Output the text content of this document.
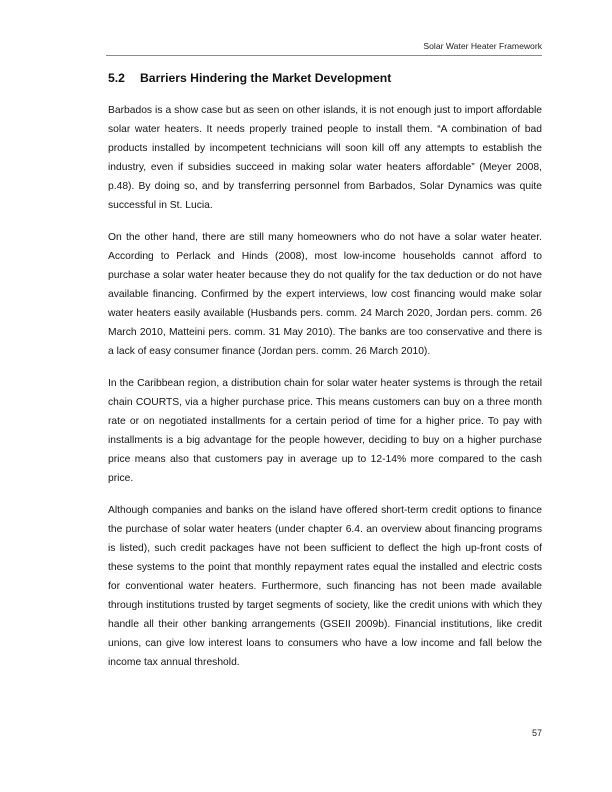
Solar Water Heater Framework
5.2 Barriers Hindering the Market Development

Barbados is a show case but as seen on other islands, it is not enough just to import affordable solar water heaters. It needs properly trained people to install them. “A combination of bad products installed by incompetent technicians will soon kill off any attempts to establish the industry, even if subsidies succeed in making solar water heaters affordable” (Meyer 2008, p.48). By doing so, and by transferring personnel from Barbados, Solar Dynamics was quite successful in St. Lucia.

On the other hand, there are still many homeowners who do not have a solar water heater. According to Perlack and Hinds (2008), most low-income households cannot afford to purchase a solar water heater because they do not qualify for the tax deduction or do not have available financing. Confirmed by the expert interviews, low cost financing would make solar water heaters easily available (Husbands pers. comm. 24 March 2020, Jordan pers. comm. 26 March 2010, Matteini pers. comm. 31 May 2010). The banks are too conservative and there is a lack of easy consumer finance (Jordan pers. comm. 26 March 2010).

In the Caribbean region, a distribution chain for solar water heater systems is through the retail chain COURTS, via a higher purchase price. This means customers can buy on a three month rate or on negotiated installments for a certain period of time for a higher price. To pay with installments is a big advantage for the people however, deciding to buy on a higher purchase price means also that customers pay in average up to 12-14% more compared to the cash price.

Although companies and banks on the island have offered short-term credit options to finance the purchase of solar water heaters (under chapter 6.4. an overview about financing programs is listed), such credit packages have not been sufficient to deflect the high up-front costs of these systems to the point that monthly repayment rates equal the installed and electric costs for conventional water heaters. Furthermore, such financing has not been made available through institutions trusted by target segments of society, like the credit unions with which they handle all their other banking arrangements (GSEII 2009b). Financial institutions, like credit unions, can give low interest loans to consumers who have a low income and fall below the income tax annual threshold.

57
